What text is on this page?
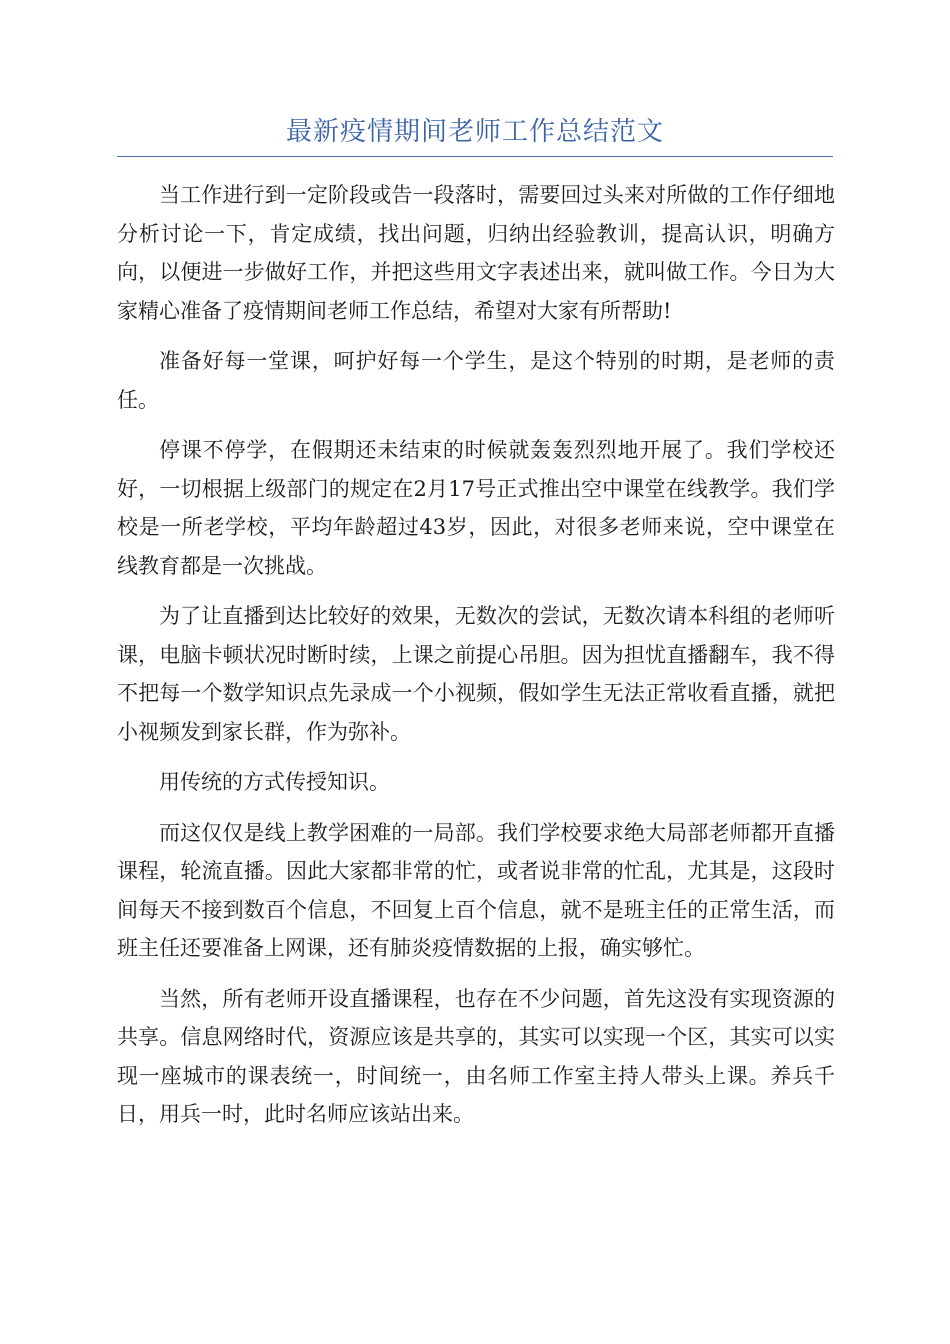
最新疫情期间老师工作总结范文

当工作进行到一定阶段或告一段落时，需要回过头来对所做的工作仔细地分析讨论一下，肯定成绩，找出问题，归纳出经验教训，提高认识，明确方向，以便进一步做好工作，并把这些用文字表述出来，就叫做工作。今日为大家精心准备了疫情期间老师工作总结，希望对大家有所帮助!

准备好每一堂课，呵护好每一个学生，是这个特别的时期，是老师的责任。

停课不停学，在假期还未结束的时候就轰轰烈烈地开展了。我们学校还好，一切根据上级部门的规定在2月17号正式推出空中课堂在线教学。我们学校是一所老学校，平均年龄超过43岁，因此，对很多老师来说，空中课堂在线教育都是一次挑战。

为了让直播到达比较好的效果，无数次的尝试，无数次请本科组的老师听课，电脑卡顿状况时断时续，上课之前提心吊胆。因为担忧直播翻车，我不得不把每一个数学知识点先录成一个小视频，假如学生无法正常收看直播，就把小视频发到家长群，作为弥补。

用传统的方式传授知识。

而这仅仅是线上教学困难的一局部。我们学校要求绝大局部老师都开直播课程，轮流直播。因此大家都非常的忙，或者说非常的忙乱，尤其是，这段时间每天不接到数百个信息，不回复上百个信息，就不是班主任的正常生活，而班主任还要准备上网课，还有肺炎疫情数据的上报，确实够忙。

当然，所有老师开设直播课程，也存在不少问题，首先这没有实现资源的共享。信息网络时代，资源应该是共享的，其实可以实现一个区，其实可以实现一座城市的课表统一，时间统一，由名师工作室主持人带头上课。养兵千日，用兵一时，此时名师应该站出来。
